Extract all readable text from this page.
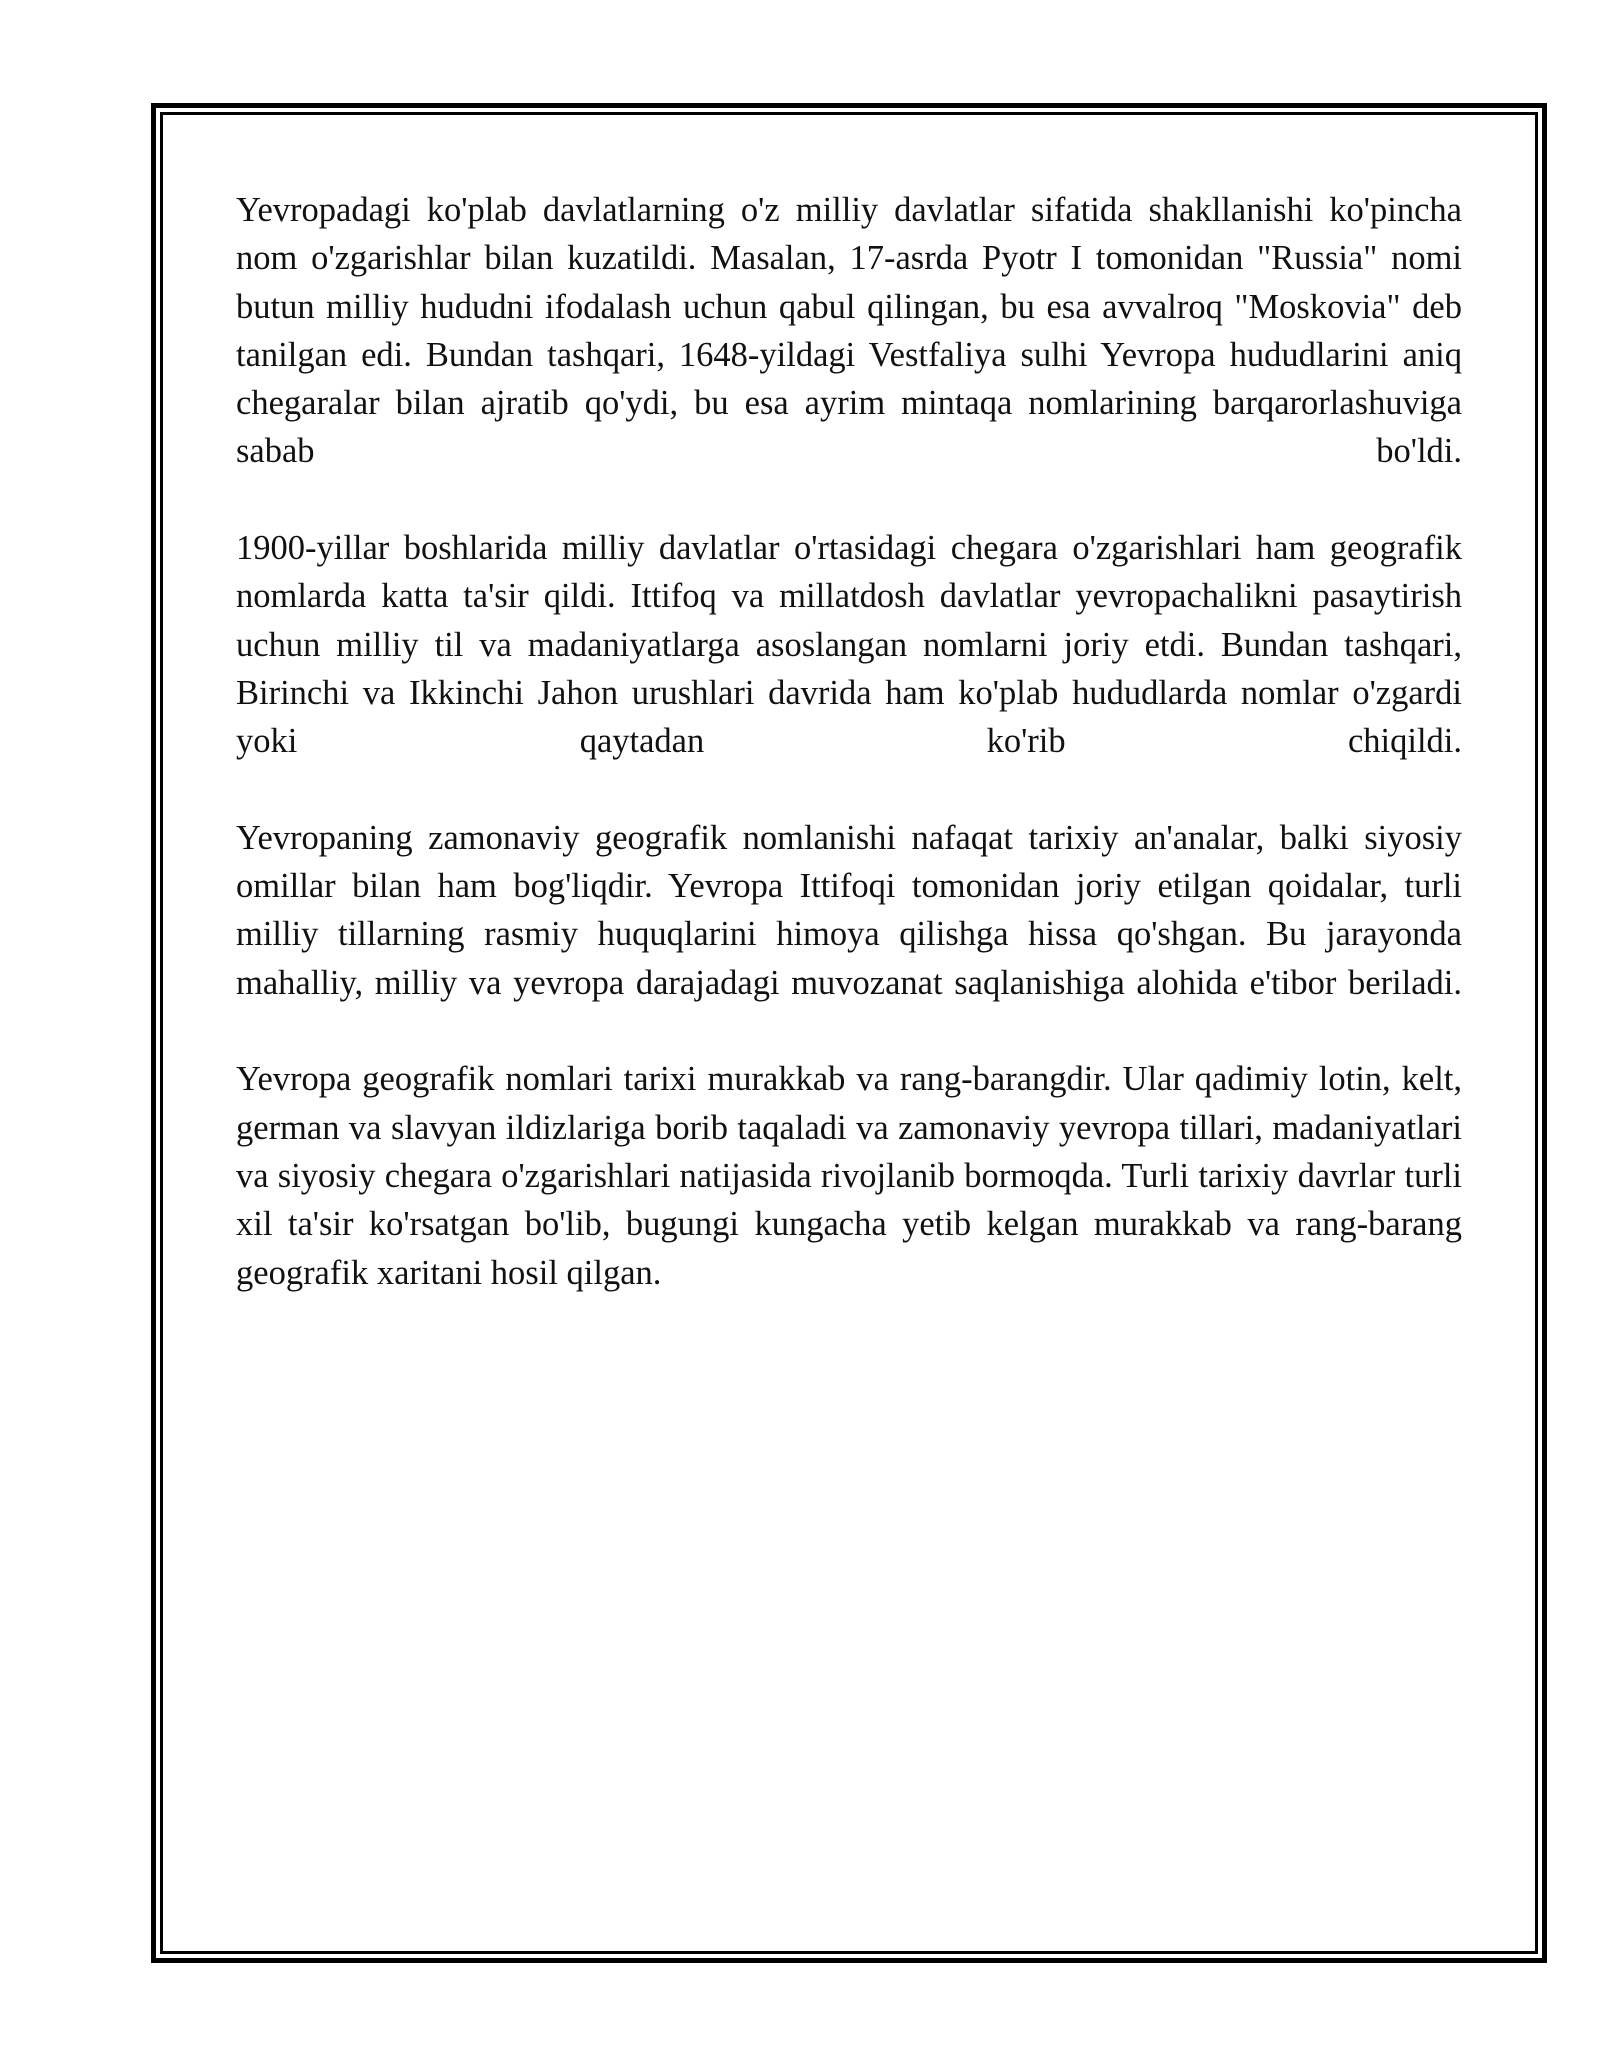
Yevropadagi ko'plab davlatlarning o'z milliy davlatlar sifatida shakllanishi ko'pincha nom o'zgarishlar bilan kuzatildi. Masalan, 17-asrda Pyotr I tomonidan "Russia" nomi butun milliy hududni ifodalash uchun qabul qilingan, bu esa avvalroq "Moskovia" deb tanilgan edi. Bundan tashqari, 1648-yildagi Vestfaliya sulhi Yevropa hududlarini aniq chegaralar bilan ajratib qo'ydi, bu esa ayrim mintaqa nomlarining barqarorlashuviga sabab bo'ldi.

1900-yillar boshlarida milliy davlatlar o'rtasidagi chegara o'zgarishlari ham geografik nomlarda katta ta'sir qildi. Ittifoq va millatdosh davlatlar yevropachalikni pasaytirish uchun milliy til va madaniyatlarga asoslangan nomlarni joriy etdi. Bundan tashqari, Birinchi va Ikkinchi Jahon urushlari davrida ham ko'plab hududlarda nomlar o'zgardi yoki qaytadan ko'rib chiqildi.

Yevropaning zamonaviy geografik nomlanishi nafaqat tarixiy an'analar, balki siyosiy omillar bilan ham bog'liqdir. Yevropa Ittifoqi tomonidan joriy etilgan qoidalar, turli milliy tillarning rasmiy huquqlarini himoya qilishga hissa qo'shgan. Bu jarayonda mahalliy, milliy va yevropa darajadagi muvozanat saqlanishiga alohida e'tibor beriladi.

Yevropa geografik nomlari tarixi murakkab va rang-barangdir. Ular qadimiy lotin, kelt, german va slavyan ildizlariga borib taqaladi va zamonaviy yevropa tillari, madaniyatlari va siyosiy chegara o'zgarishlari natijasida rivojlanib bormoqda. Turli tarixiy davrlar turli xil ta'sir ko'rsatgan bo'lib, bugungi kungacha yetib kelgan murakkab va rang-barang geografik xaritani hosil qilgan.
